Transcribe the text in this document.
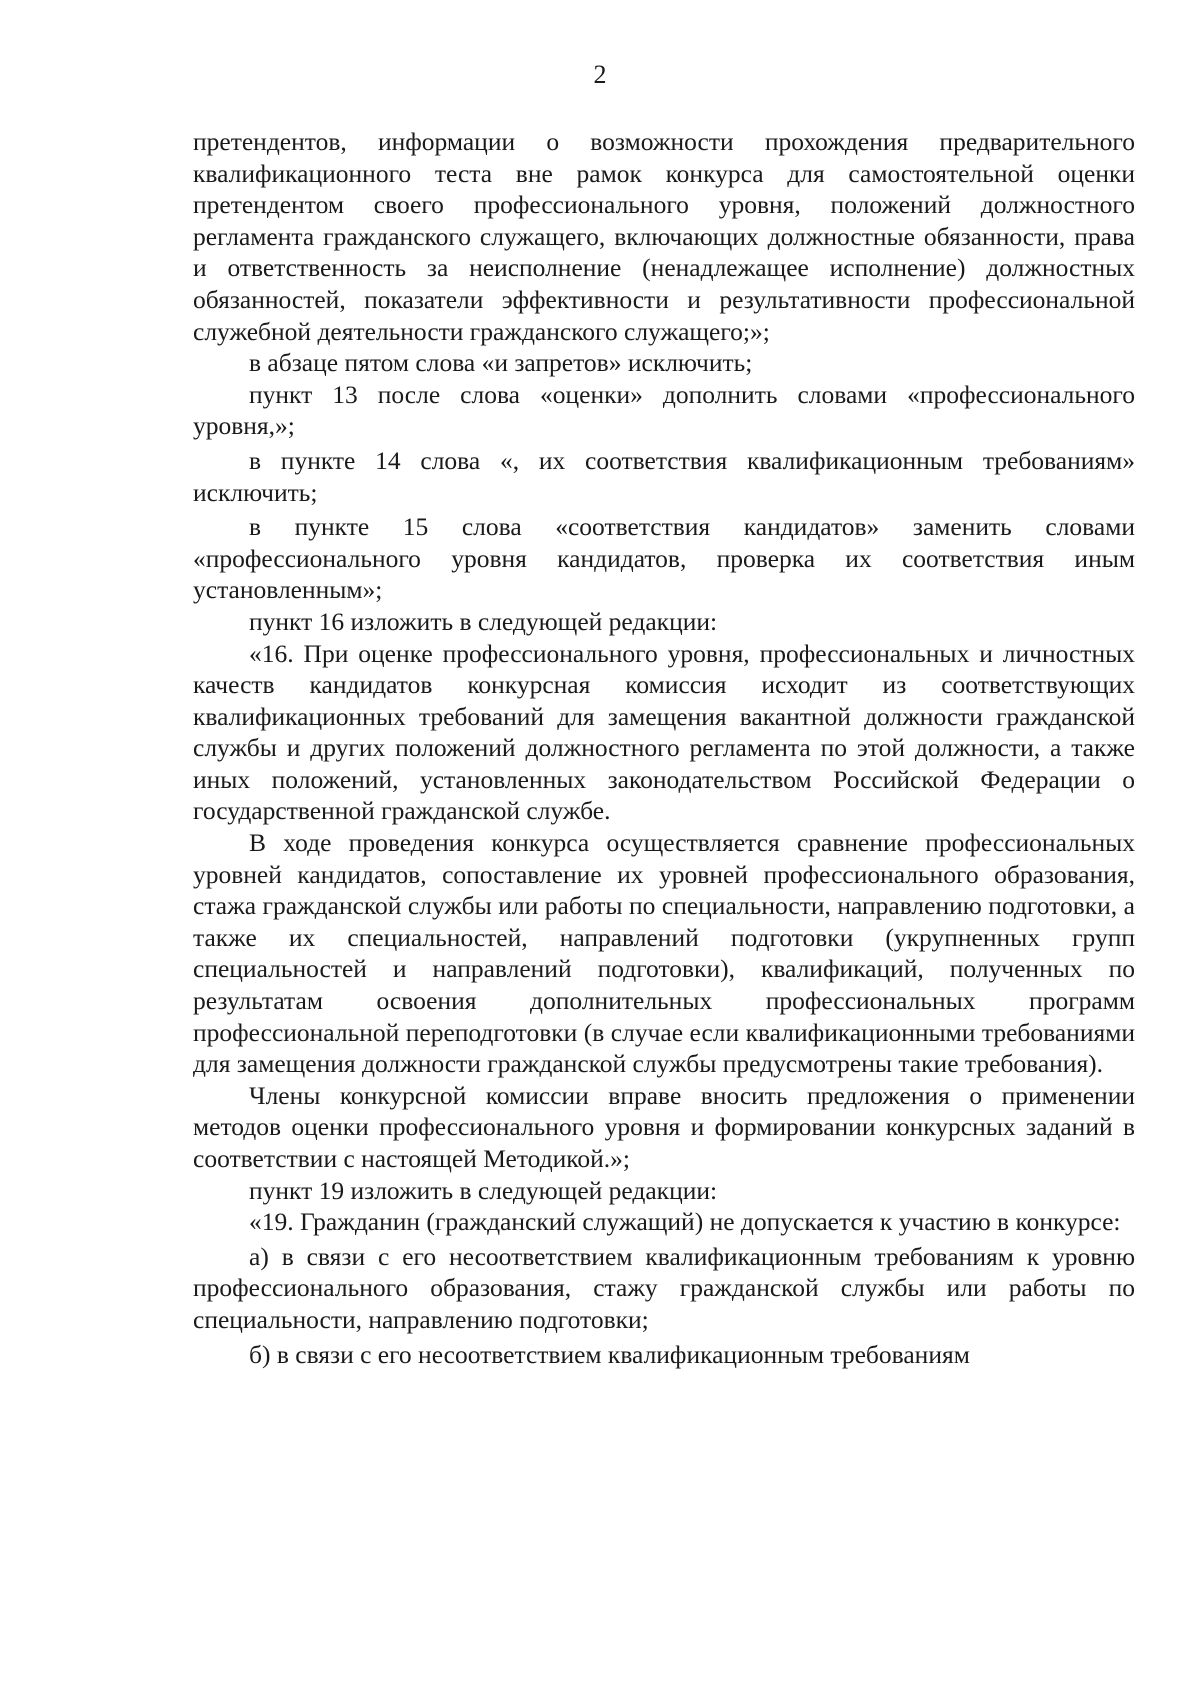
2

претендентов, информации о возможности прохождения предварительного квалификационного теста вне рамок конкурса для самостоятельной оценки претендентом своего профессионального уровня, положений должностного регламента гражданского служащего, включающих должностные обязанности, права и ответственность за неисполнение (ненадлежащее исполнение) должностных обязанностей, показатели эффективности и результативности профессиональной служебной деятельности гражданского служащего;»;

в абзаце пятом слова «и запретов» исключить;

пункт 13 после слова «оценки» дополнить словами «профессионального уровня,»;

в пункте 14 слова «, их соответствия квалификационным требованиям» исключить;

в пункте 15 слова «соответствия кандидатов» заменить словами «профессионального уровня кандидатов, проверка их соответствия иным установленным»;

пункт 16 изложить в следующей редакции:

«16. При оценке профессионального уровня, профессиональных и личностных качеств кандидатов конкурсная комиссия исходит из соответствующих квалификационных требований для замещения вакантной должности гражданской службы и других положений должностного регламента по этой должности, а также иных положений, установленных законодательством Российской Федерации о государственной гражданской службе.

В ходе проведения конкурса осуществляется сравнение профессиональных уровней кандидатов, сопоставление их уровней профессионального образования, стажа гражданской службы или работы по специальности, направлению подготовки, а также их специальностей, направлений подготовки (укрупненных групп специальностей и направлений подготовки), квалификаций, полученных по результатам освоения дополнительных профессиональных программ профессиональной переподготовки (в случае если квалификационными требованиями для замещения должности гражданской службы предусмотрены такие требования).

Члены конкурсной комиссии вправе вносить предложения о применении методов оценки профессионального уровня и формировании конкурсных заданий в соответствии с настоящей Методикой.»;

пункт 19 изложить в следующей редакции:

«19. Гражданин (гражданский служащий) не допускается к участию в конкурсе:

а) в связи с его несоответствием квалификационным требованиям к уровню профессионального образования, стажу гражданской службы или работы по специальности, направлению подготовки;

б) в связи с его несоответствием квалификационным требованиям
